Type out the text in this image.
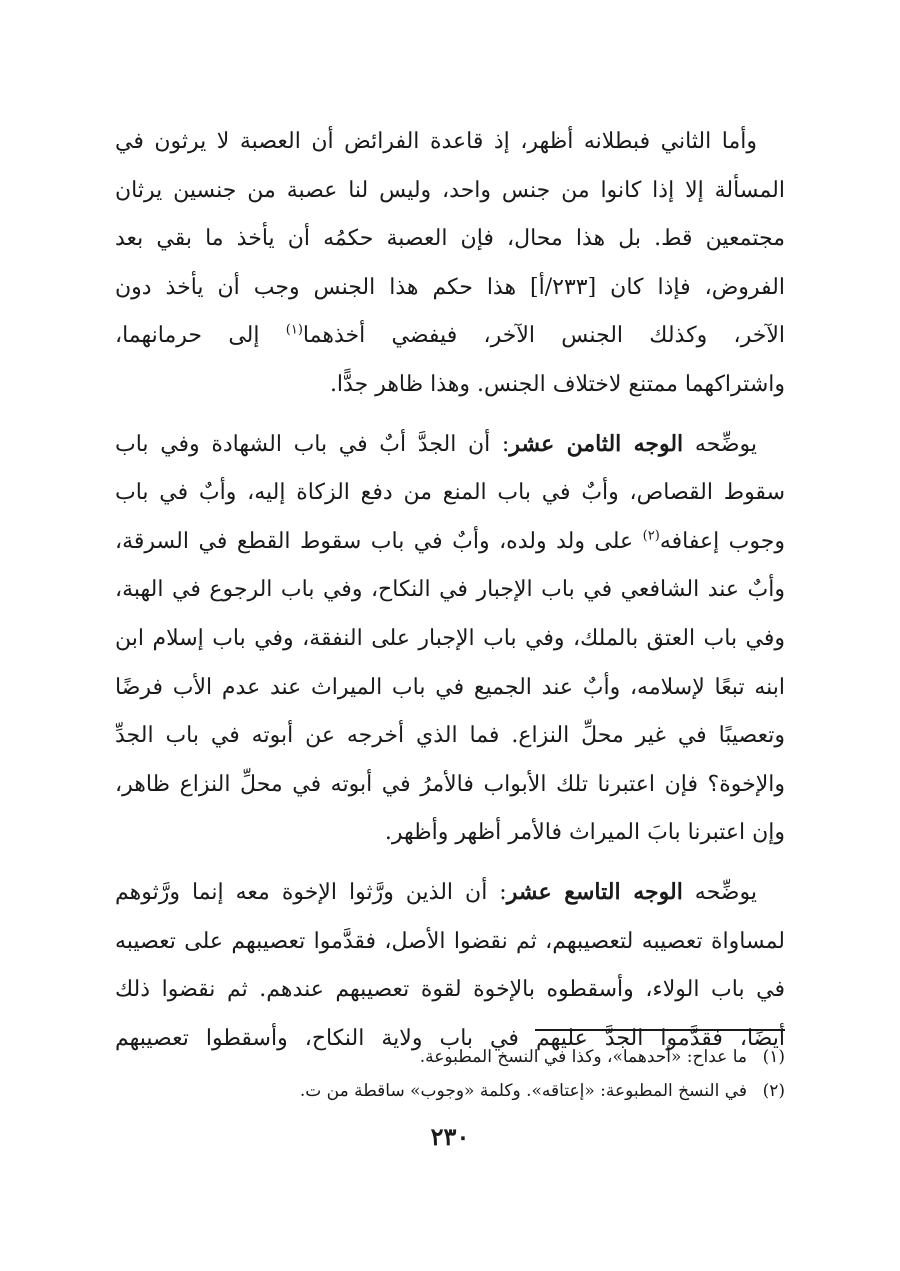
وأما الثاني فبطلانه أظهر، إذ قاعدة الفرائض أن العصبة لا يرثون في
المسألة إلا إذا كانوا من جنس واحد، وليس لنا عصبة من جنسين يرثان
مجتمعين قط. بل هذا محال، فإن العصبة حكمُه أن يأخذ ما بقي بعد
الفروض، فإذا كان [٢٣٣/أ] هذا حكم هذا الجنس وجب أن يأخذ دون
الآخر، وكذلك الجنس الآخر، فيفضي أخذهما$^{(١)}$ إلى حرمانهما،
واشتراكهما ممتنع لاختلاف الجنس. وهذا ظاهر جدًّا.

يوضِّحه الوجه الثامن عشر: أن الجدَّ أبٌ في باب الشهادة وفي باب
سقوط القصاص، وأبٌ في باب المنع من دفع الزكاة إليه، وأبٌ في باب
وجوب إعفافه$^{(٢)}$ على ولد ولده، وأبٌ في باب سقوط القطع في السرقة،
وأبٌ عند الشافعي في باب الإجبار في النكاح، وفي باب الرجوع في الهبة،
وفي باب العتق بالملك، وفي باب الإجبار على النفقة، وفي باب إسلام ابن
ابنه تبعًا لإسلامه، وأبٌ عند الجميع في باب الميراث عند عدم الأب فرضًا
وتعصيبًا في غير محلِّ النزاع. فما الذي أخرجه عن أبوته في باب الجدِّ
والإخوة؟ فإن اعتبرنا تلك الأبواب فالأمرُ في أبوته في محلِّ النزاع ظاهر،
وإن اعتبرنا بابَ الميراث فالأمر أظهر وأظهر.

يوضِّحه الوجه التاسع عشر: أن الذين ورَّثوا الإخوة معه إنما ورَّثوهم
لمساواة تعصيبه لتعصيبهم، ثم نقضوا الأصل، فقدَّموا تعصيبهم على تعصيبه
في باب الولاء، وأسقطوه بالإخوة لقوة تعصيبهم عندهم. ثم نقضوا ذلك
أيضًا، فقدَّموا الجدَّ عليهم في باب ولاية النكاح، وأسقطوا تعصيبهم

(١)ما عداح: «أحدهما»، وكذا في النسخ المطبوعة.
(٢)في النسخ المطبوعة: «إعتاقه». وكلمة «وجوب» ساقطة من ت.
٢٣٠
